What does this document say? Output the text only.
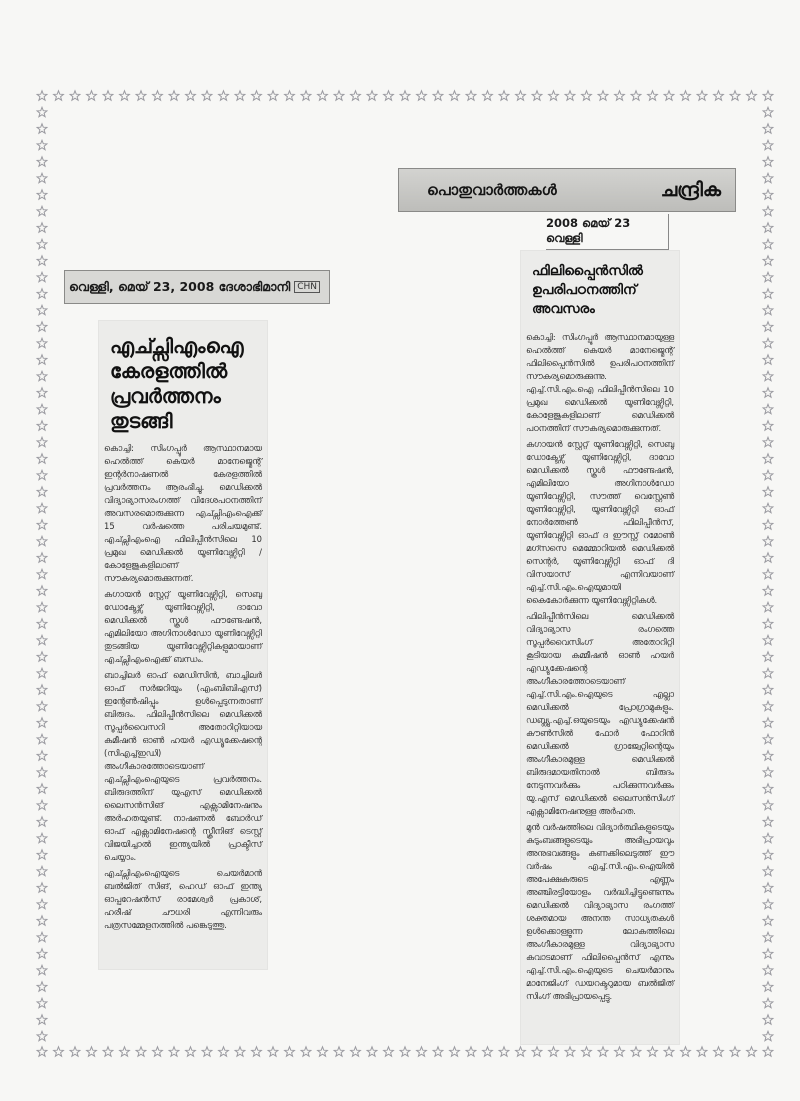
വെള്ളി, മെയ് 23, 2008 ദേശാഭിമാനി CHN
എച്ച്സിഎംഐ
കേരളത്തിൽ
പ്രവർത്തനം
തുടങ്ങി

കൊച്ചി: സിംഗപ്പൂർ ആസ്ഥാനമായ ഹെൽത്ത് കെയർ മാനേജ്മെന്റ് ഇന്റർനാഷണൽ കേരളത്തിൽ പ്രവർത്തനം ആരംഭിച്ചു. മെഡിക്കൽ വിദ്യാഭ്യാസരംഗത്ത് വിദേശപഠനത്തിന് അവസരമൊരുക്കുന്ന എച്ച്സിഎംഐക്ക് 15 വർഷത്തെ പരിചയമുണ്ട്. എച്ച്സിഎംഐ ഫിലിപ്പീൻസിലെ 10 പ്രമുഖ മെഡിക്കൽ യൂണിവേഴ്സിറ്റി / കോളേജുകളിലാണ് സൗകര്യമൊരുക്കുന്നത്.

കഗായൻ സ്റ്റേറ്റ് യൂണിവേഴ്സിറ്റി, സെബു ഡോക്ടേഴ്സ് യൂണിവേഴ്സിറ്റി, ദാവോ മെഡിക്കൽ സ്കൂൾ ഫൗണ്ടേഷൻ, എമിലിയോ അഗിനാൾഡോ യൂണിവേഴ്സിറ്റി തുടങ്ങിയ യൂണിവേഴ്സിറ്റികളുമായാണ് എച്ച്സിഎംഐക്ക് ബന്ധം.

ബാച്ചിലർ ഓഫ് മെഡിസിൻ, ബാച്ചിലർ ഓഫ് സർജറിയും (എംബിബിഎസ്) ഇന്റേൺഷിപ്പും ഉൾപ്പെടുന്നതാണ് ബിരുദം. ഫിലിപ്പീൻസിലെ മെഡിക്കൽ സൂപ്പർവൈസറി അതോറിറ്റിയായ കമീഷൻ ഓൺ ഹയർ എഡ്യൂക്കേഷന്റെ (സിഎച്ച്ഇഡി) അംഗീകാരത്തോടെയാണ് എച്ച്സിഎംഐയുടെ പ്രവർത്തനം. ബിരുദത്തിന് യുഎസ് മെഡിക്കൽ ലൈസൻസിങ് എക്സാമിനേഷനും അർഹതയുണ്ട്. നാഷണൽ ബോർഡ് ഓഫ് എക്സാമിനേഷന്റെ സ്ക്രീനിങ് ടെസ്റ്റ് വിജയിച്ചാൽ ഇന്ത്യയിൽ പ്രാക്ടീസ് ചെയ്യാം.

എച്ച്സിഎംഐയുടെ ചെയർമാൻ ബൽജിത് സിങ്, ഹെഡ് ഓഫ് ഇന്ത്യ ഓപ്പറേഷൻസ് രാമേശ്വർ പ്രകാശ്, ഹരീഷ് ചൗധരി എന്നിവരും പത്രസമ്മേളനത്തിൽ പങ്കെടുത്തു.

പൊതുവാർത്തകൾ	ചന്ദ്രിക
2008 മെയ് 23 വെള്ളി
ഫിലിപ്പൈൻസിൽ
ഉപരിപഠനത്തിന്
അവസരം

കൊച്ചി: സിംഗപ്പൂർ ആസ്ഥാനമായുള്ള ഹെൽത്ത് കെയർ മാനേജ്മെന്റ് ഫിലിപ്പൈൻസിൽ ഉപരിപഠനത്തിന് സൗകര്യമൊരുക്കുന്നു. എച്ച്.സി.എം.ഐ ഫിലിപ്പീൻസിലെ 10 പ്രമുഖ മെഡിക്കൽ യൂണിവേഴ്സിറ്റി, കോളേജുകളിലാണ് മെഡിക്കൽ പഠനത്തിന് സൗകര്യമൊരുക്കുന്നത്.

കഗായൻ സ്റ്റേറ്റ് യൂണിവേഴ്സിറ്റി, സെബു ഡോക്ടേഴ്സ് യൂണിവേഴ്സിറ്റി, ദാവോ മെഡിക്കൽ സ്കൂൾ ഫൗണ്ടേഷൻ, എമിലിയോ അഗിനാൾഡോ യൂണിവേഴ്സിറ്റി, സൗത്ത് വെസ്റ്റേൺ യൂണിവേഴ്സിറ്റി, യൂണിവേഴ്സിറ്റി ഓഫ് നോർത്തേൺ ഫിലിപ്പീൻസ്, യൂണിവേഴ്സിറ്റി ഓഫ് ദ ഈസ്റ്റ് റമോൺ മഗ്സസെ മെമ്മോറിയൽ മെഡിക്കൽ സെന്റർ, യൂണിവേഴ്സിറ്റി ഓഫ് ദി വിസയാസ് എന്നിവയാണ് എച്ച്.സി.എം.ഐയുമായി കൈകോർക്കുന്ന യൂണിവേഴ്സിറ്റികൾ.

ഫിലിപ്പീൻസിലെ മെഡിക്കൽ വിദ്യാഭ്യാസ രംഗത്തെ സൂപ്പർവൈസിംഗ് അതോറിറ്റി കൂടിയായ കമ്മീഷൻ ഓൺ ഹയർ എഡ്യുക്കേഷന്റെ അംഗീകാരത്തോടെയാണ് എച്ച്.സി.എം.ഐയുടെ എല്ലാ മെഡിക്കൽ പ്രോഗ്രാമുകളും. ഡബ്ല്യു.എച്ച്.ഒയുടെയും എഡ്യുക്കേഷൻ കൗൺസിൽ ഫോർ ഫോറിൻ മെഡിക്കൽ ഗ്രാജ്വേറ്റിന്റെയും അംഗീകാരമുള്ള മെഡിക്കൽ ബിരുദമായതിനാൽ ബിരുദം നേടുന്നവർക്കും പഠിക്കുന്നവർക്കും യു.എസ് മെഡിക്കൽ ലൈസൻസിംഗ് എക്സാമിനേഷനുള്ള അർഹത.

മുൻ വർഷത്തിലെ വിദ്യാർത്ഥികളുടെയും കുടുംബങ്ങളുടെയും അഭിപ്രായവും അനുഭവങ്ങളും കണക്കിലെടുത്ത് ഈ വർഷം എച്ച്.സി.എം.ഐയിൽ അപേക്ഷകരുടെ എണ്ണം അഞ്ചിരട്ടിയോളം വർദ്ധിച്ചിട്ടുണ്ടെന്നും മെഡിക്കൽ വിദ്യാഭ്യാസ രംഗത്ത് ശക്തമായ അനന്ത സാധ്യതകൾ ഉൾക്കൊള്ളുന്ന ലോകത്തിലെ അംഗീകാരമുള്ള വിദ്യാഭ്യാസ കവാടമാണ് ഫിലിപ്പൈൻസ് എന്നും എച്ച്.സി.എം.ഐയുടെ ചെയർമാനും മാനേജിംഗ് ഡയറക്ടറുമായ ബൽജിത് സിംഗ് അഭിപ്രായപ്പെട്ടു.
